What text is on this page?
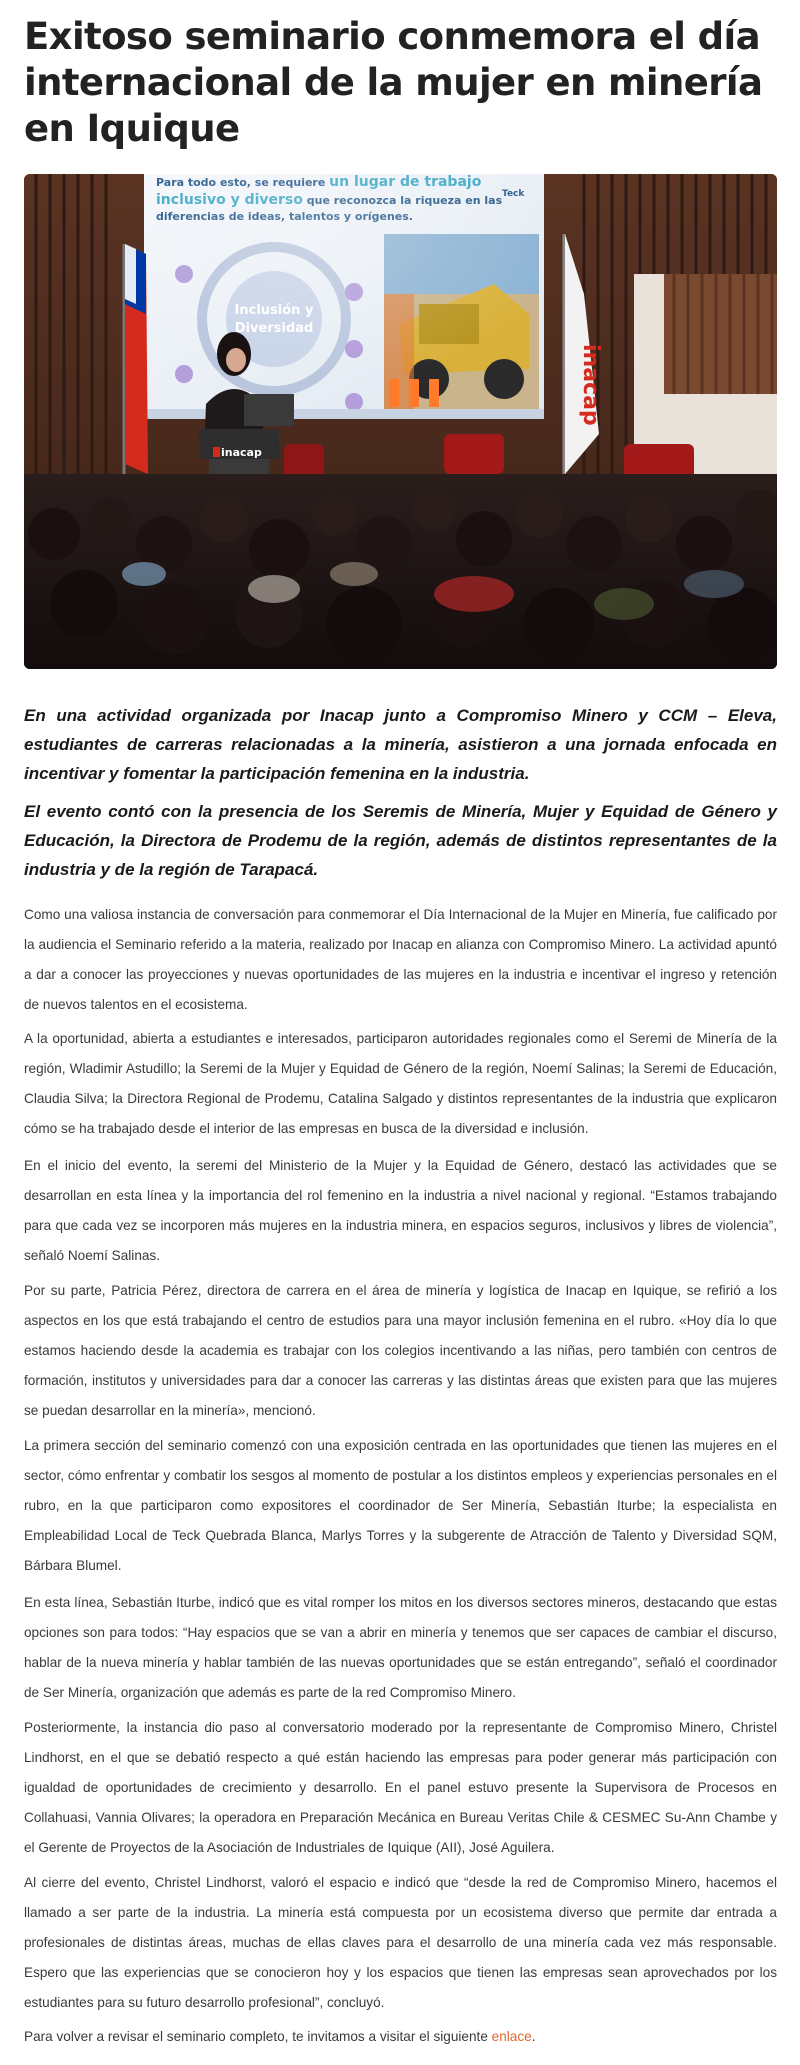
Exitoso seminario conmemora el día internacional de la mujer en minería en Iquique
inacap
inacap

En una actividad organizada por Inacap junto a Compromiso Minero y CCM – Eleva, estudiantes de carreras relacionadas a la minería, asistieron a una jornada enfocada en incentivar y fomentar la participación femenina en la industria.

El evento contó con la presencia de los Seremis de Minería, Mujer y Equidad de Género y Educación, la Directora de Prodemu de la región, además de distintos representantes de la industria y de la región de Tarapacá.

Como una valiosa instancia de conversación para conmemorar el Día Internacional de la Mujer en Minería, fue calificado por la audiencia el Seminario referido a la materia, realizado por Inacap en alianza con Compromiso Minero. La actividad apuntó a dar a conocer las proyecciones y nuevas oportunidades de las mujeres en la industria e incentivar el ingreso y retención de nuevos talentos en el ecosistema.

A la oportunidad, abierta a estudiantes e interesados, participaron autoridades regionales como el Seremi de Minería de la región, Wladimir Astudillo; la Seremi de la Mujer y Equidad de Género de la región, Noemí Salinas; la Seremi de Educación, Claudia Silva; la Directora Regional de Prodemu, Catalina Salgado y distintos representantes de la industria que explicaron cómo se ha trabajado desde el interior de las empresas en busca de la diversidad e inclusión.

En el inicio del evento, la seremi del Ministerio de la Mujer y la Equidad de Género, destacó las actividades que se desarrollan en esta línea y la importancia del rol femenino en la industria a nivel nacional y regional. “Estamos trabajando para que cada vez se incorporen más mujeres en la industria minera, en espacios seguros, inclusivos y libres de violencia”, señaló Noemí Salinas.

Por su parte, Patricia Pérez, directora de carrera en el área de minería y logística de Inacap en Iquique, se refirió a los aspectos en los que está trabajando el centro de estudios para una mayor inclusión femenina en el rubro. «Hoy día lo que estamos haciendo desde la academia es trabajar con los colegios incentivando a las niñas, pero también con centros de formación, institutos y universidades para dar a conocer las carreras y las distintas áreas que existen para que las mujeres se puedan desarrollar en la minería», mencionó.

La primera sección del seminario comenzó con una exposición centrada en las oportunidades que tienen las mujeres en el sector, cómo enfrentar y combatir los sesgos al momento de postular a los distintos empleos y experiencias personales en el rubro, en la que participaron como expositores el coordinador de Ser Minería, Sebastián Iturbe; la especialista en Empleabilidad Local de Teck Quebrada Blanca, Marlys Torres y la subgerente de Atracción de Talento y Diversidad SQM, Bárbara Blumel.

En esta línea, Sebastián Iturbe, indicó que es vital romper los mitos en los diversos sectores mineros, destacando que estas opciones son para todos: “Hay espacios que se van a abrir en minería y tenemos que ser capaces de cambiar el discurso, hablar de la nueva minería y hablar también de las nuevas oportunidades que se están entregando”, señaló el coordinador de Ser Minería, organización que además es parte de la red Compromiso Minero.

Posteriormente, la instancia dio paso al conversatorio moderado por la representante de Compromiso Minero, Christel Lindhorst, en el que se debatió respecto a qué están haciendo las empresas para poder generar más participación con igualdad de oportunidades de crecimiento y desarrollo. En el panel estuvo presente la Supervisora de Procesos en Collahuasi, Vannia Olivares; la operadora en Preparación Mecánica en Bureau Veritas Chile & CESMEC Su-Ann Chambe y el Gerente de Proyectos de la Asociación de Industriales de Iquique (AII), José Aguilera.

Al cierre del evento, Christel Lindhorst, valoró el espacio e indicó que “desde la red de Compromiso Minero, hacemos el llamado a ser parte de la industria. La minería está compuesta por un ecosistema diverso que permite dar entrada a profesionales de distintas áreas, muchas de ellas claves para el desarrollo de una minería cada vez más responsable. Espero que las experiencias que se conocieron hoy y los espacios que tienen las empresas sean aprovechados por los estudiantes para su futuro desarrollo profesional”, concluyó.

Para volver a revisar el seminario completo, te invitamos a visitar el siguiente enlace.
